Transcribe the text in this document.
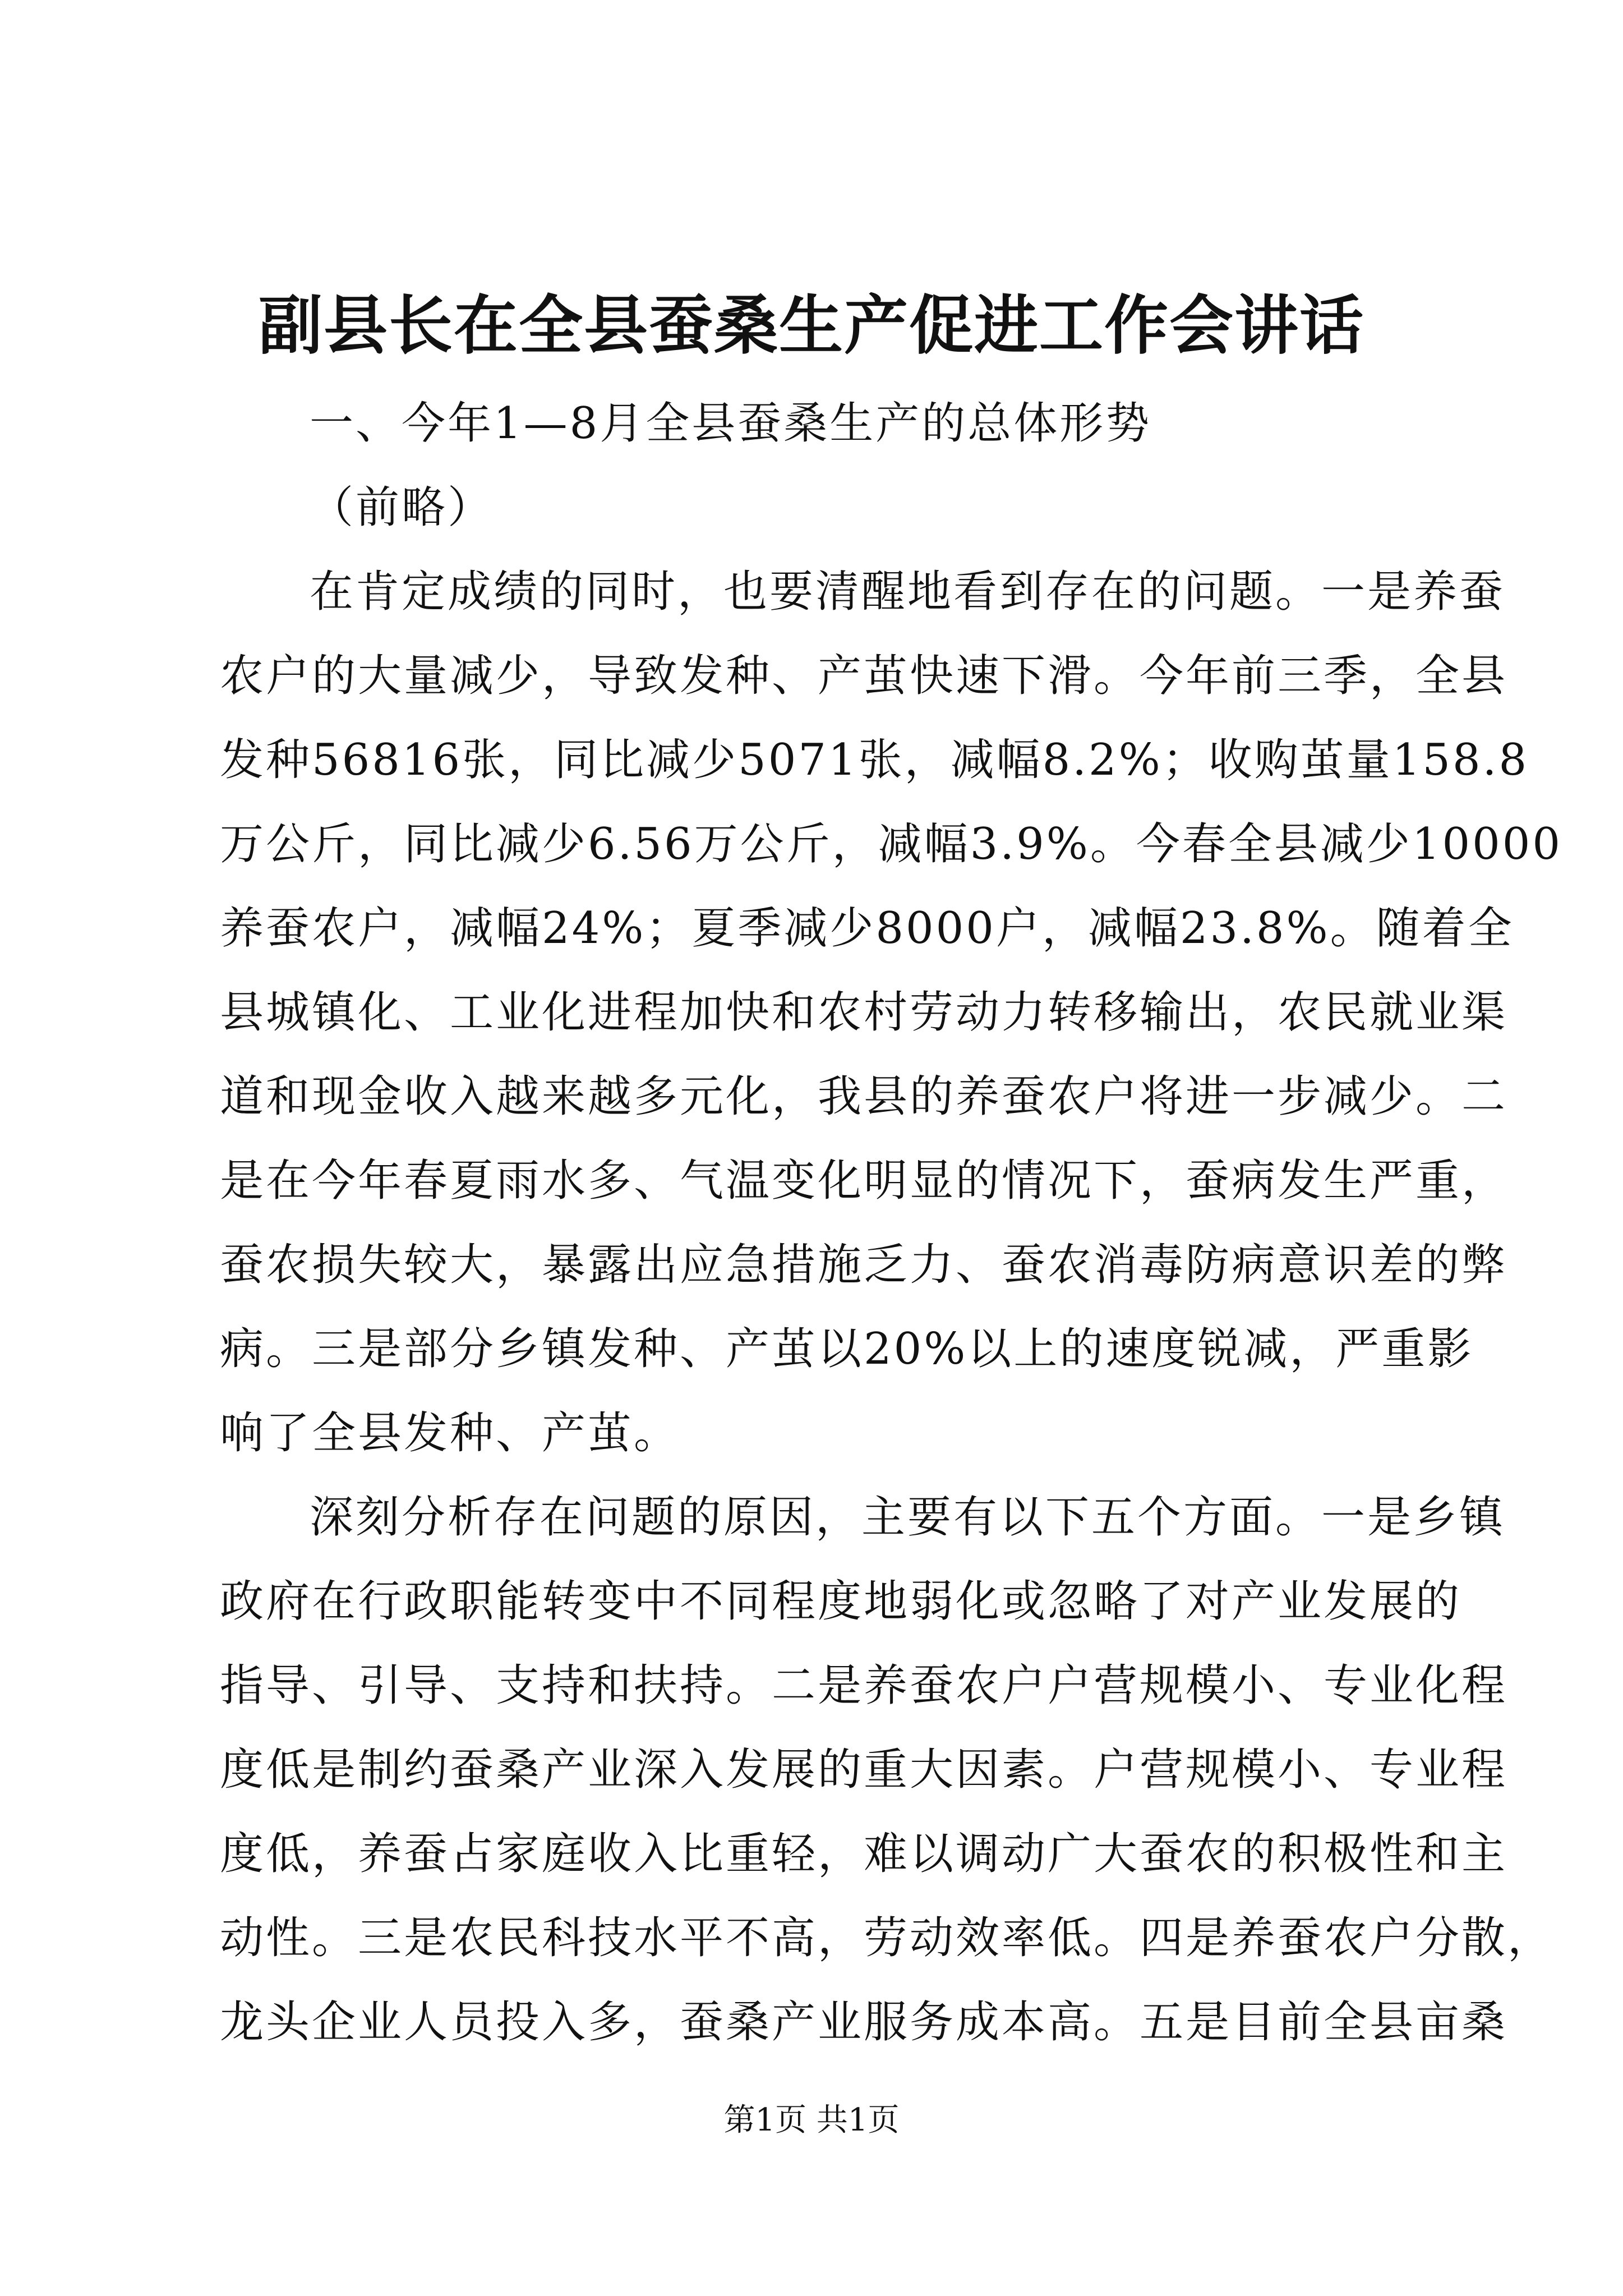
副县长在全县蚕桑生产促进工作会讲话
一、今年1—8月全县蚕桑生产的总体形势
（前略）
在肯定成绩的同时，也要清醒地看到存在的问题。一是养蚕
农户的大量减少，导致发种、产茧快速下滑。今年前三季，全县
发种56816张，同比减少5071张，减幅8.2%；收购茧量158.8
万公斤，同比减少6.56万公斤，减幅3.9%。今春全县减少10000
养蚕农户，减幅24%；夏季减少8000户，减幅23.8%。随着全
县城镇化、工业化进程加快和农村劳动力转移输出，农民就业渠
道和现金收入越来越多元化，我县的养蚕农户将进一步减少。二
是在今年春夏雨水多、气温变化明显的情况下，蚕病发生严重，
蚕农损失较大，暴露出应急措施乏力、蚕农消毒防病意识差的弊
病。三是部分乡镇发种、产茧以20%以上的速度锐减，严重影
响了全县发种、产茧。
深刻分析存在问题的原因，主要有以下五个方面。一是乡镇
政府在行政职能转变中不同程度地弱化或忽略了对产业发展的
指导、引导、支持和扶持。二是养蚕农户户营规模小、专业化程
度低是制约蚕桑产业深入发展的重大因素。户营规模小、专业程
度低，养蚕占家庭收入比重轻，难以调动广大蚕农的积极性和主
动性。三是农民科技水平不高，劳动效率低。四是养蚕农户分散，
龙头企业人员投入多，蚕桑产业服务成本高。五是目前全县亩桑
第1页 共1页
